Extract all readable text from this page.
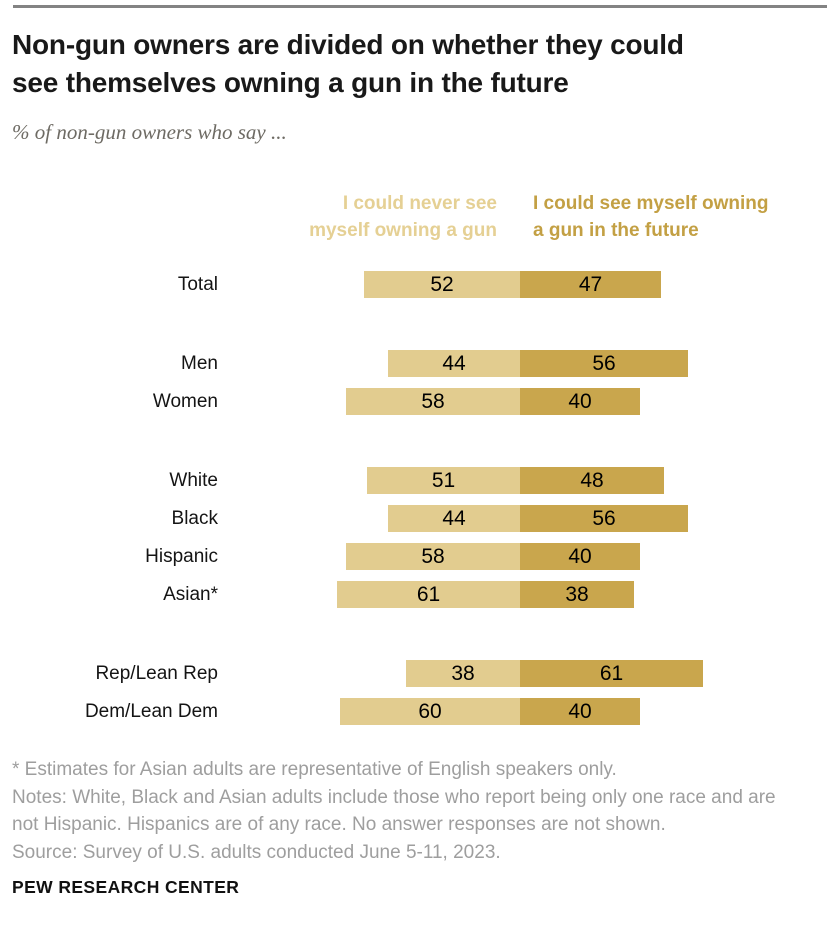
Non-gun owners are divided on whether they could
see themselves owning a gun in the future
% of non-gun owners who say ...
I could never see
myself owning a gun
I could see myself owning
a gun in the future
Total	52	47
Men	44	56
Women	58	40
White	51	48
Black	44	56
Hispanic	58	40
Asian*	61	38
Rep/Lean Rep	38	61
Dem/Lean Dem	60	40
* Estimates for Asian adults are representative of English speakers only.
Notes: White, Black and Asian adults include those who report being only one race and are
not Hispanic. Hispanics are of any race. No answer responses are not shown.
Source: Survey of U.S. adults conducted June 5-11, 2023.
PEW RESEARCH CENTER
